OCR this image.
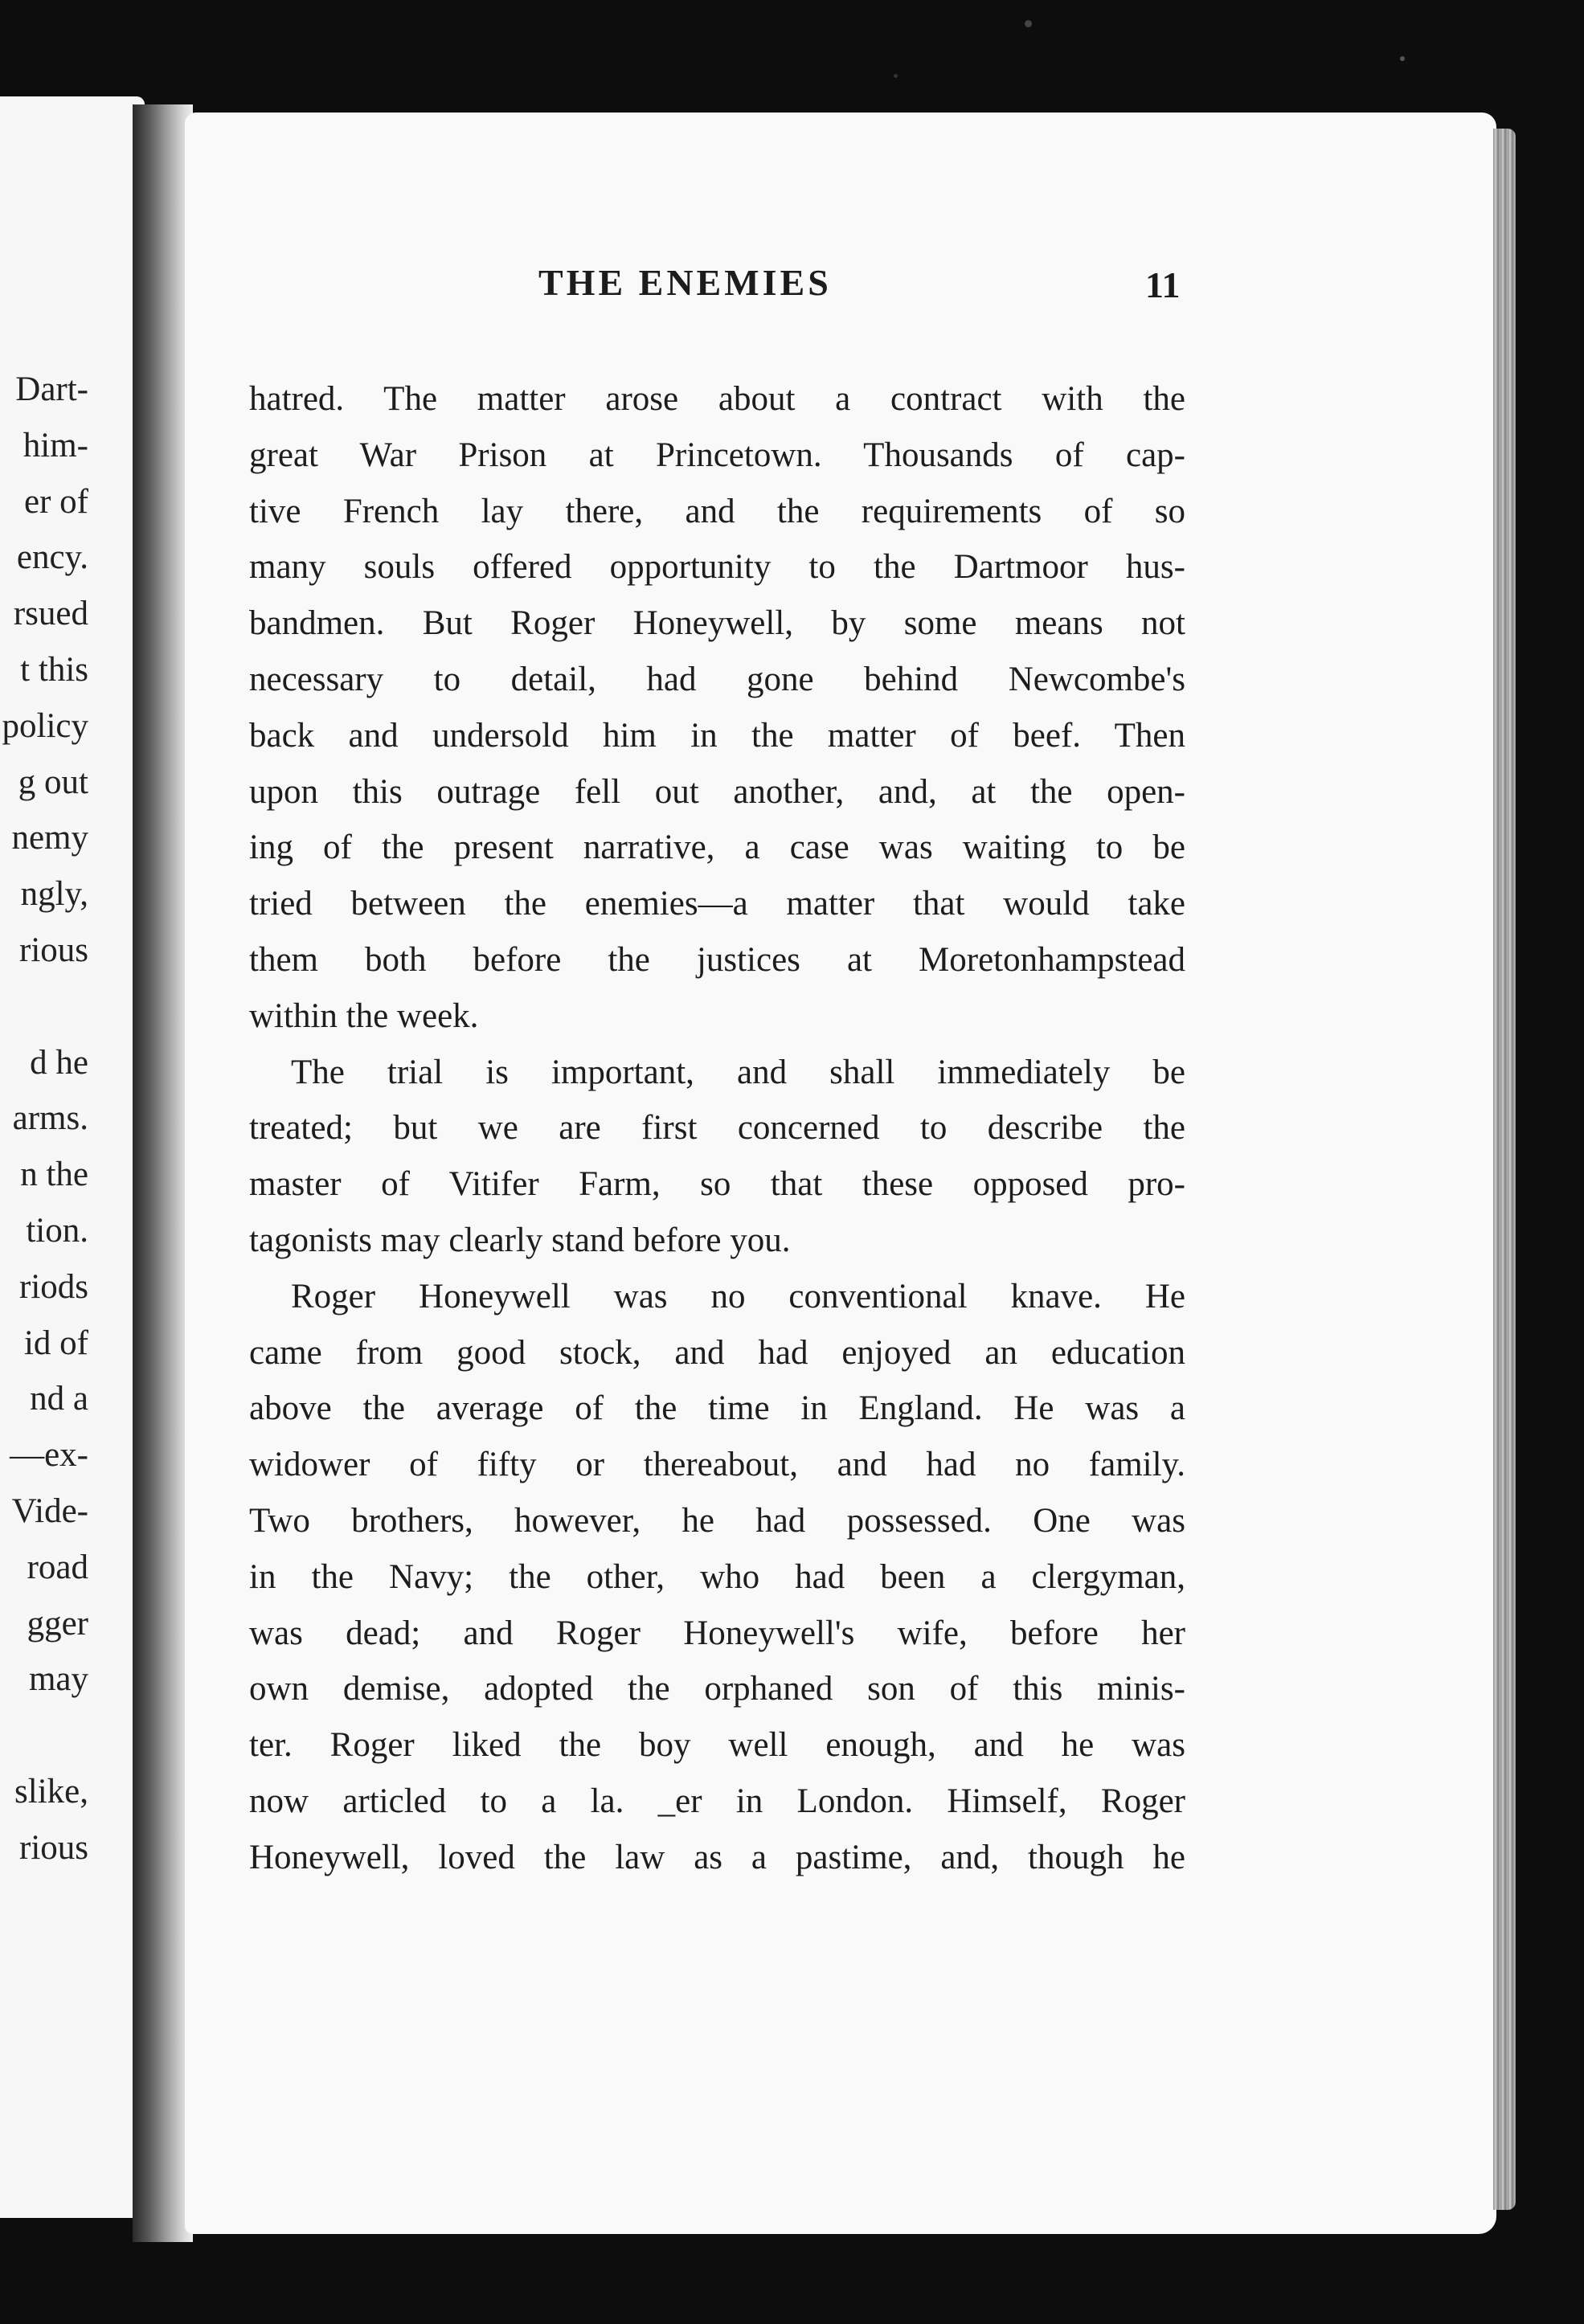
Dart-
him-
er of
ency.
rsued
t this
policy
g out
nemy
ngly,
rious
d he
arms.
n the
tion.
riods
id of
nd a
—ex-
Vide-
road
gger
may
slike,
rious
THE ENEMIES	11
hatred. The matter arose about a contract with the
great War Prison at Princetown. Thousands of cap-
tive French lay there, and the requirements of so
many souls offered opportunity to the Dartmoor hus-
bandmen. But Roger Honeywell, by some means not
necessary to detail, had gone behind Newcombe's
back and undersold him in the matter of beef. Then
upon this outrage fell out another, and, at the open-
ing of the present narrative, a case was waiting to be
tried between the enemies—a matter that would take
them both before the justices at Moretonhampstead
within the week.
The trial is important, and shall immediately be
treated; but we are first concerned to describe the
master of Vitifer Farm, so that these opposed pro-
tagonists may clearly stand before you.
Roger Honeywell was no conventional knave. He
came from good stock, and had enjoyed an education
above the average of the time in England. He was a
widower of fifty or thereabout, and had no family.
Two brothers, however, he had possessed. One was
in the Navy; the other, who had been a clergyman,
was dead; and Roger Honeywell's wife, before her
own demise, adopted the orphaned son of this minis-
ter. Roger liked the boy well enough, and he was
now articled to a la. _er in London. Himself, Roger
Honeywell, loved the law as a pastime, and, though he
